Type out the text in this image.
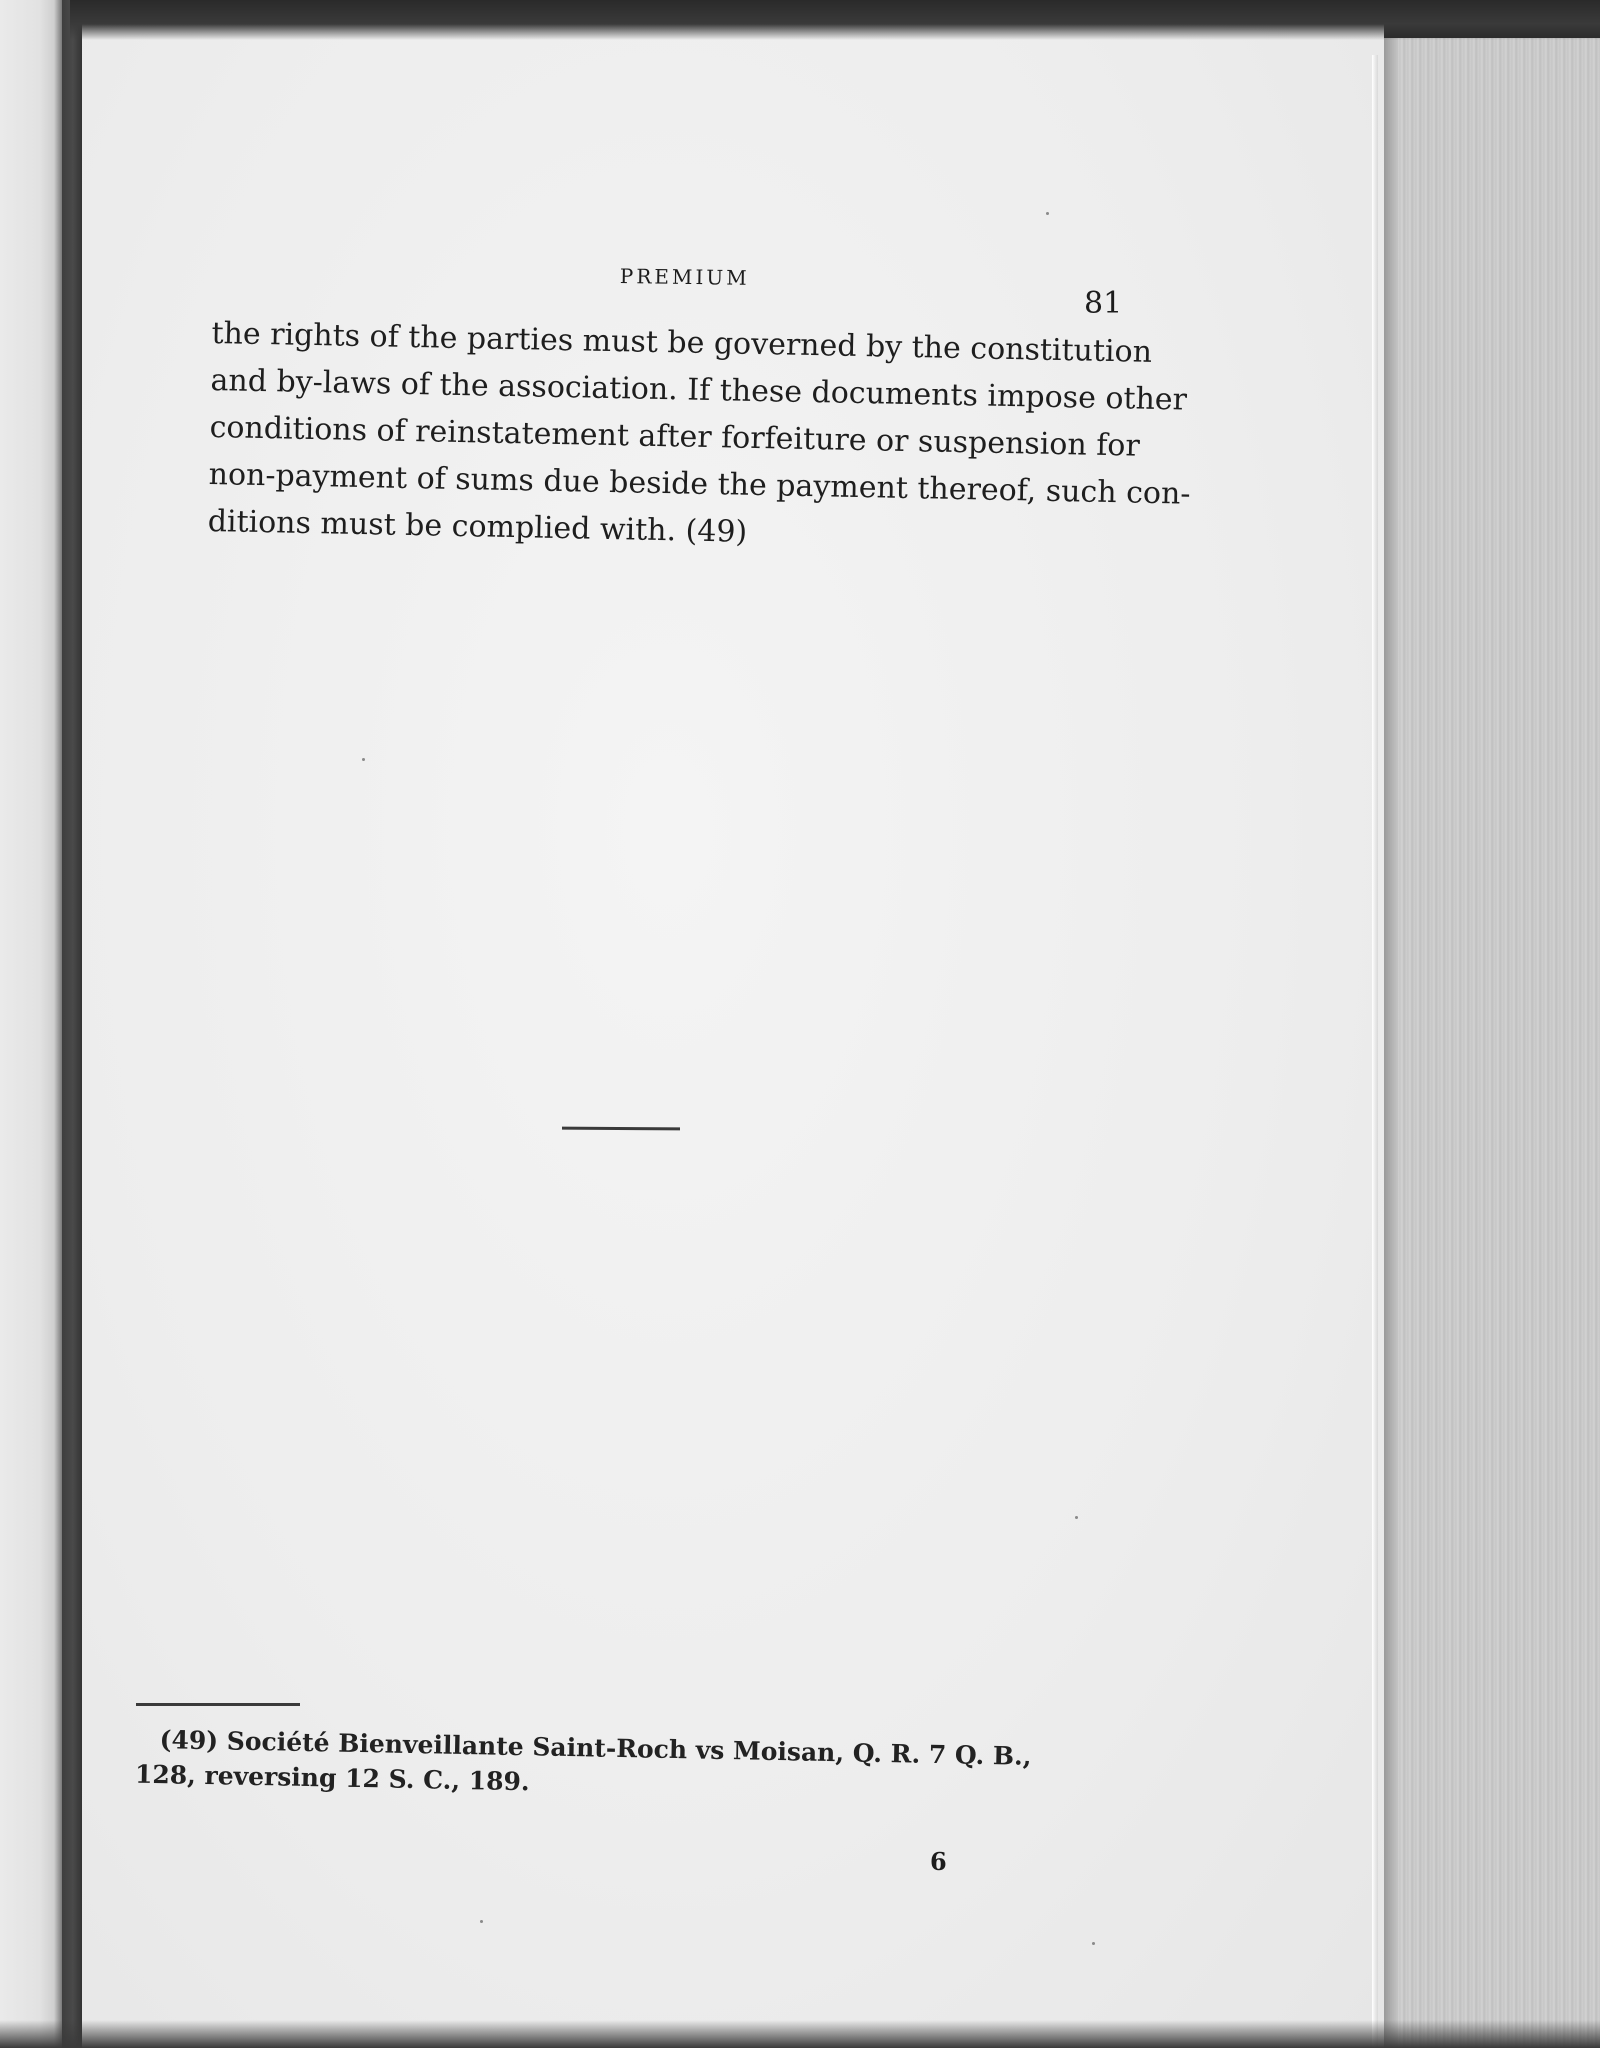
PREMIUM
81
the rights of the parties must be governed by the constitution
and by-laws of the association. If these documents impose other
conditions of reinstatement after forfeiture or suspension for
non-payment of sums due beside the payment thereof, such con-
ditions must be complied with. (49)
(49) Société Bienveillante Saint-Roch vs Moisan, Q. R. 7 Q. B.,
128, reversing 12 S. C., 189.
6
